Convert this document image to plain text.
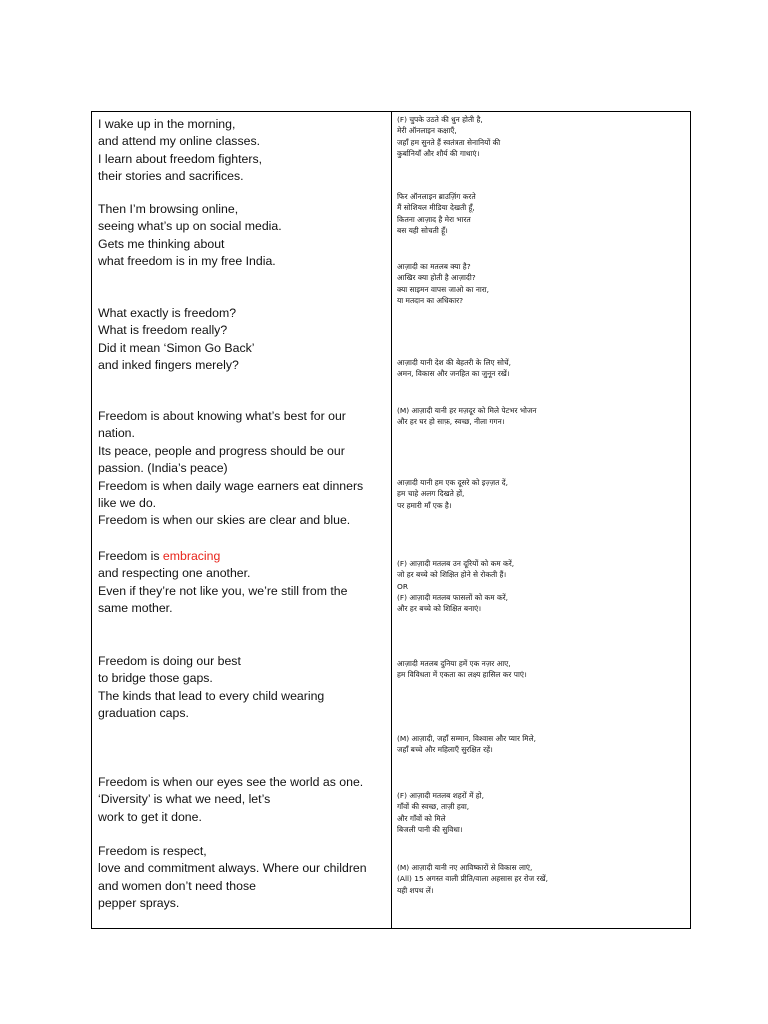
I wake up in the morning,
and attend my online classes.
I learn about freedom fighters,
their stories and sacrifices.

Then I’m browsing online,
seeing what’s up on social media.
Gets me thinking about
what freedom is in my free India.

What exactly is freedom?
What is freedom really?
Did it mean ‘Simon Go Back’
and inked fingers merely?

Freedom is about knowing what’s best for our
nation.
Its peace, people and progress should be our
passion. (India’s peace)
Freedom is when daily wage earners eat dinners
like we do.
Freedom is when our skies are clear and blue.

Freedom is embracing
and respecting one another.
Even if they’re not like you, we’re still from the
same mother.

Freedom is doing our best
to bridge those gaps.
The kinds that lead to every child wearing
graduation caps.

Freedom is when our eyes see the world as one.
‘Diversity’ is what we need, let’s
work to get it done.

Freedom is respect,
love and commitment always. Where our children
and women don’t need those
pepper sprays.

(F) चुपके उठते की धुन होती है,
मेरी ऑनलाइन कक्षाएँ,
जहाँ हम सुनते हैं स्वतंत्रता सेनानियों की
कुर्बानियाँ और शौर्य की गाथाएं।

फिर ऑनलाइन ब्राउज़िंग करते
मैं सोशियल मीडिया देखती हूँ,
कितना आज़ाद है मेरा भारत
बस यही सोचती हूँ।

आज़ादी का मतलब क्या है?
आखिर क्या होती है आज़ादी?
क्या साइमन वापस जाओ का नारा,
या मतदान का अधिकार?

आज़ादी यानी देश की बेहतरी के लिए सोचें,
अमन, विकास और जनहित का जुनून रखें।

(M) आज़ादी यानी हर मज़दूर को मिले पेटभर भोजन
और हर घर हो साफ़, स्वच्छ, नीला गगन।

आज़ादी यानी हम एक दूसरे को इज़्ज़त दें,
हम चाहे अलग दिखते हों,
पर हमारी माँ एक है।

(F) आज़ादी मतलब उन दूरियों को कम करें,
जो हर बच्चे को शिक्षित होने से रोकती हैं।
OR
(F) आज़ादी मतलब फासलों को कम करें,
और हर बच्चे को शिक्षित बनाएं।

आज़ादी मतलब दुनिया हमें एक नज़र आए,
हम विविधता में एकता का लक्ष्य हासिल कर पाएं।

(M) आज़ादी, जहाँ सम्मान, विश्वास और प्यार मिले,
जहाँ बच्चे और महिलाएँ सुरक्षित रहें।

(F) आज़ादी मतलब शहरों में हो,
गाँवों की स्वच्छ, ताज़ी हवा,
और गाँवों को मिले
बिजली पानी की सुविधा।

(M) आज़ादी यानी नए आविष्कारों से विकास लाएं,
(All) 15 अगस्त वाली प्रीति/वाला अहसास हर रोज रखें,
यही शपथ लें।
